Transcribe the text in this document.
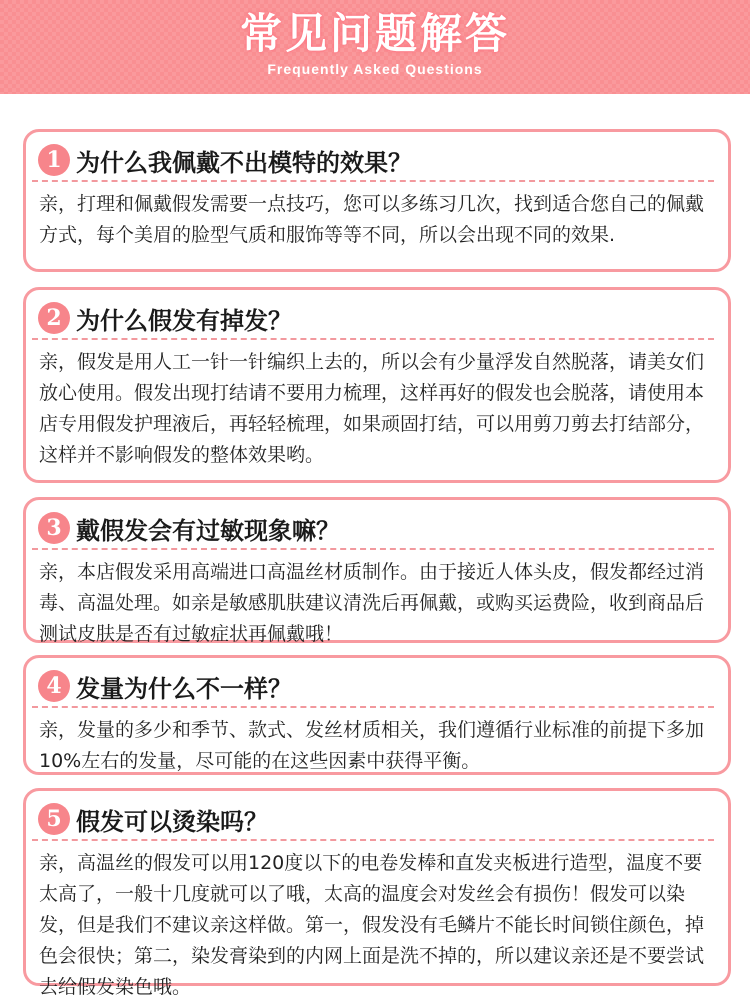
常见问题解答
Frequently Asked Questions
1 为什么我佩戴不出模特的效果？

亲，打理和佩戴假发需要一点技巧，您可以多练习几次，找到适合您自己的佩戴方式，每个美眉的脸型气质和服饰等等不同，所以会出现不同的效果.

2 为什么假发有掉发？

亲，假发是用人工一针一针编织上去的，所以会有少量浮发自然脱落，请美女们放心使用。假发出现打结请不要用力梳理，这样再好的假发也会脱落，请使用本店专用假发护理液后，再轻轻梳理，如果顽固打结，可以用剪刀剪去打结部分，这样并不影响假发的整体效果哟。

3 戴假发会有过敏现象嘛？

亲，本店假发采用高端进口高温丝材质制作。由于接近人体头皮，假发都经过消毒、高温处理。如亲是敏感肌肤建议清洗后再佩戴，或购买运费险，收到商品后测试皮肤是否有过敏症状再佩戴哦！

4 发量为什么不一样？

亲，发量的多少和季节、款式、发丝材质相关，我们遵循行业标准的前提下多加10%左右的发量，尽可能的在这些因素中获得平衡。

5 假发可以烫染吗？

亲，高温丝的假发可以用120度以下的电卷发棒和直发夹板进行造型，温度不要太高了，一般十几度就可以了哦，太高的温度会对发丝会有损伤！假发可以染发，但是我们不建议亲这样做。第一，假发没有毛鳞片不能长时间锁住颜色，掉色会很快；第二，染发膏染到的内网上面是洗不掉的，所以建议亲还是不要尝试去给假发染色哦。
